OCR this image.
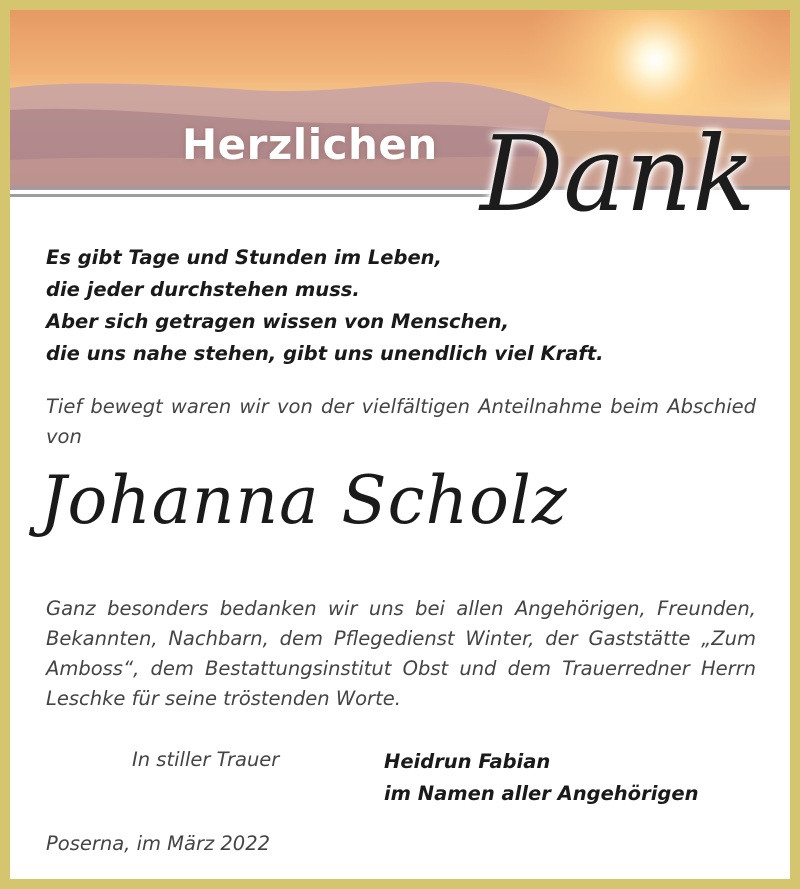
Herzlichen Dank
Es gibt Tage und Stunden im Leben,
die jeder durchstehen muss.
Aber sich getragen wissen von Menschen,
die uns nahe stehen, gibt uns unendlich viel Kraft.
Tief bewegt waren wir von der vielfältigen Anteilnahme beim Abschied von
Johanna Scholz
Ganz besonders bedanken wir uns bei allen Angehörigen, Freunden, Bekannten, Nachbarn, dem Pflegedienst Winter, der Gaststätte „Zum Amboss“, dem Bestattungsinstitut Obst und dem Trauerredner Herrn Leschke für seine tröstenden Worte.
In stiller Trauer	Heidrun Fabian
im Namen aller Angehörigen
Poserna, im März 2022
